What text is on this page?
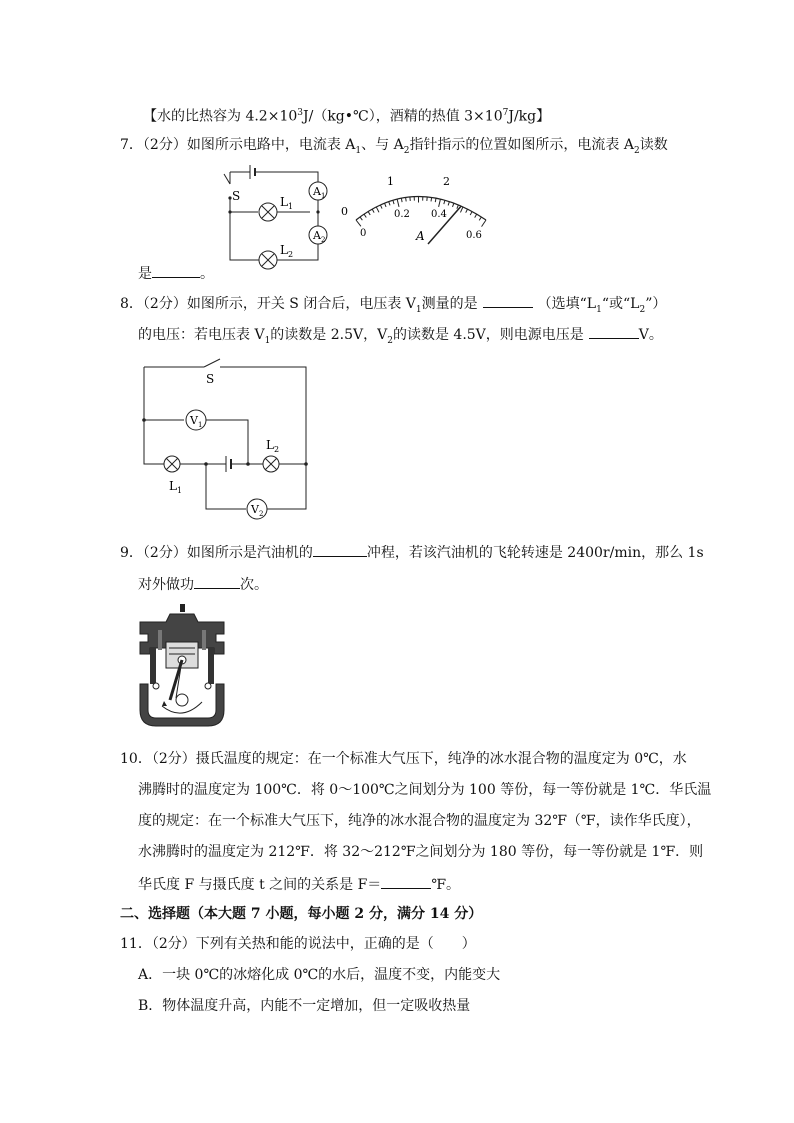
【水的比热容为 $4.2\times 10^3J/(kg•℃)$，酒精的热值 $3\times 10^7J/kg$】
7．（2分）如图所示电路中，电流表 $A_1$、与 $A_2$指针指示的位置如图所示，电流表 $A_2$读数
S	$L_1$
$L_2$
$A_1$
$A_2$
0
1	2
0
0.2 0.4
0.6
A
是	。
8．（2分）如图所示，开关 S 闭合后，电压表 $V_1$测量的是	（选填“$L_1“$或“$L_2$”）
的电压：若电压表 $V_1$的读数是 2.5V，$V_2$的读数是 4.5V，则电源电压是	V。
S
$V_1$
$V_2$
$L_2$
$L_1$
9．（2分）如图所示是汽油机的	冲程，若该汽油机的飞轮转速是 2400r/min，那么 1s
对外做功	次。
10．（2分）摄氏温度的规定：在一个标准大气压下，纯净的冰水混合物的温度定为 0℃，水
沸腾时的温度定为 100℃．将 0～100℃之间划分为 100 等份，每一等份就是 1℃．华氏温
度的规定：在一个标准大气压下，纯净的冰水混合物的温度定为 32℉（℉，读作华氏度），
水沸腾时的温度定为 212℉．将 32～212℉之间划分为 180 等份，每一等份就是 1℉．则
华氏度 F 与摄氏度 t 之间的关系是 F＝	℉。
二、选择题（本大题 7 小题，每小题 2 分，满分 14 分）
11．（2分）下列有关热和能的说法中，正确的是（　　）
A．一块 0℃的冰熔化成 0℃的水后，温度不变，内能变大
B．物体温度升高，内能不一定增加，但一定吸收热量
